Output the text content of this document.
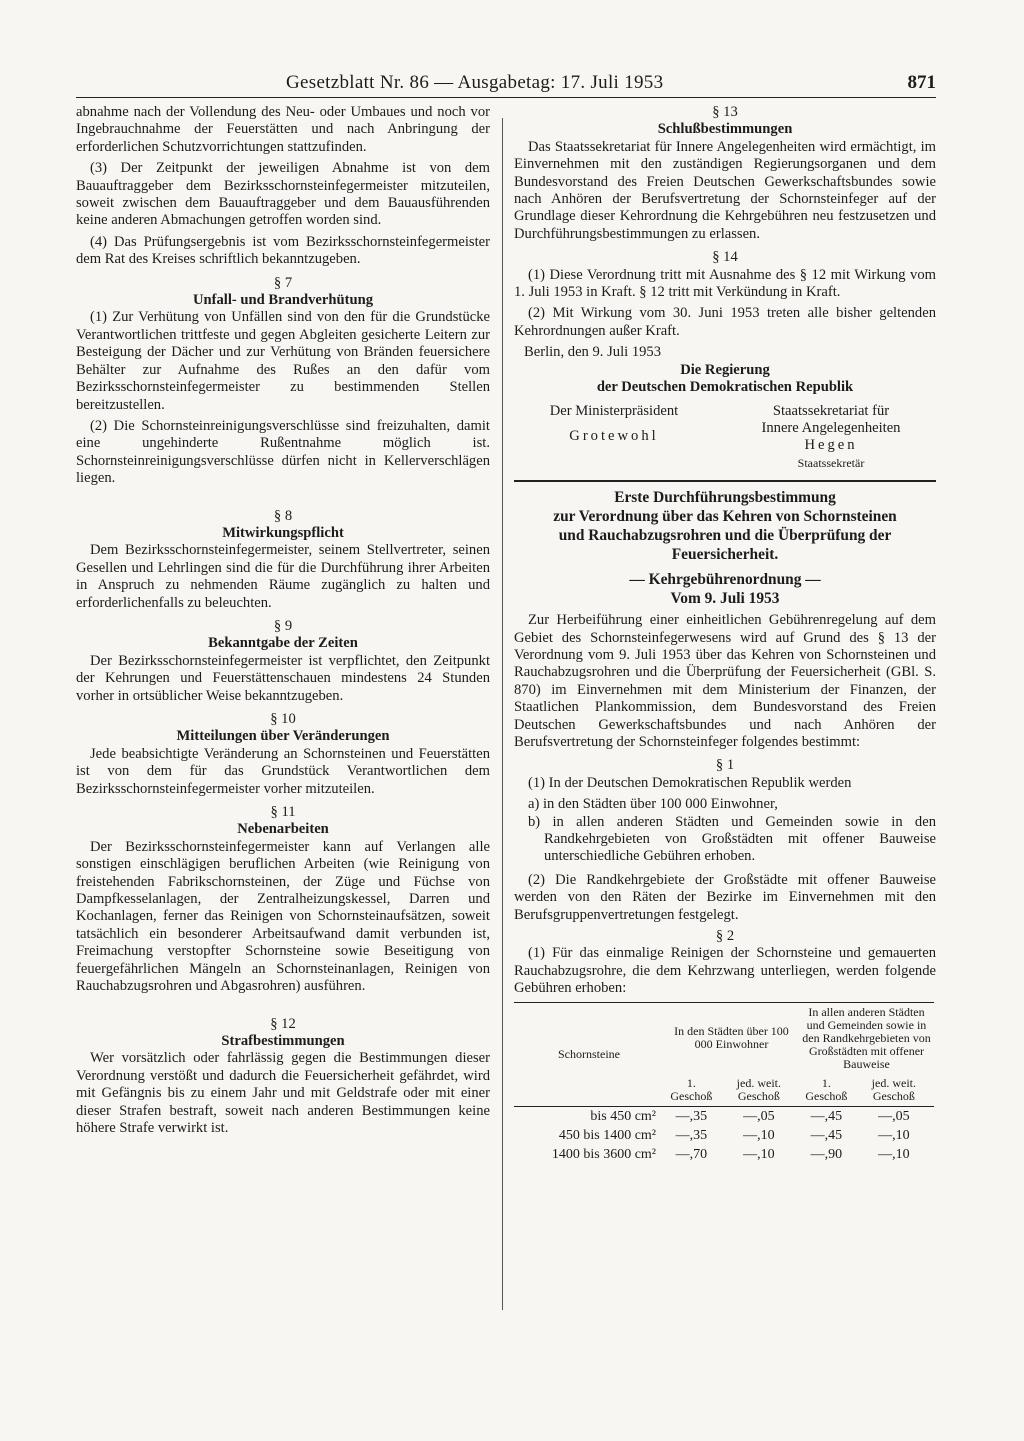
Gesetzblatt Nr. 86 — Ausgabetag: 17. Juli 1953	871

abnahme nach der Vollendung des Neu- oder Umbaues und noch vor Ingebrauchnahme der Feuerstätten und nach Anbringung der erforderlichen Schutzvorrichtungen stattzufinden.

(3) Der Zeitpunkt der jeweiligen Abnahme ist von dem Bauauftraggeber dem Bezirksschornsteinfegermeister mitzuteilen, soweit zwischen dem Bauauftraggeber und dem Bauausführenden keine anderen Abmachungen getroffen worden sind.

(4) Das Prüfungsergebnis ist vom Bezirksschornsteinfegermeister dem Rat des Kreises schriftlich bekanntzugeben.

§ 7
Unfall- und Brandverhütung

(1) Zur Verhütung von Unfällen sind von den für die Grundstücke Verantwortlichen trittfeste und gegen Abgleiten gesicherte Leitern zur Besteigung der Dächer und zur Verhütung von Bränden feuersichere Behälter zur Aufnahme des Rußes an den dafür vom Bezirksschornsteinfegermeister zu bestimmenden Stellen bereitzustellen.

(2) Die Schornsteinreinigungsverschlüsse sind freizuhalten, damit eine ungehinderte Rußentnahme möglich ist. Schornsteinreinigungsverschlüsse dürfen nicht in Kellerverschlägen liegen.

§ 8
Mitwirkungspflicht

Dem Bezirksschornsteinfegermeister, seinem Stellvertreter, seinen Gesellen und Lehrlingen sind die für die Durchführung ihrer Arbeiten in Anspruch zu nehmenden Räume zugänglich zu halten und erforderlichenfalls zu beleuchten.

§ 9
Bekanntgabe der Zeiten

Der Bezirksschornsteinfegermeister ist verpflichtet, den Zeitpunkt der Kehrungen und Feuerstättenschauen mindestens 24 Stunden vorher in ortsüblicher Weise bekanntzugeben.

§ 10
Mitteilungen über Veränderungen

Jede beabsichtigte Veränderung an Schornsteinen und Feuerstätten ist von dem für das Grundstück Verantwortlichen dem Bezirksschornsteinfegermeister vorher mitzuteilen.

§ 11
Nebenarbeiten

Der Bezirksschornsteinfegermeister kann auf Verlangen alle sonstigen einschlägigen beruflichen Arbeiten (wie Reinigung von freistehenden Fabrikschornsteinen, der Züge und Füchse von Dampfkesselanlagen, der Zentralheizungskessel, Darren und Kochanlagen, ferner das Reinigen von Schornsteinaufsätzen, soweit tatsächlich ein besonderer Arbeitsaufwand damit verbunden ist, Freimachung verstopfter Schornsteine sowie Beseitigung von feuergefährlichen Mängeln an Schornsteinanlagen, Reinigen von Rauchabzugsrohren und Abgasrohren) ausführen.

§ 12
Strafbestimmungen

Wer vorsätzlich oder fahrlässig gegen die Bestimmungen dieser Verordnung verstößt und dadurch die Feuersicherheit gefährdet, wird mit Gefängnis bis zu einem Jahr und mit Geldstrafe oder mit einer dieser Strafen bestraft, soweit nach anderen Bestimmungen keine höhere Strafe verwirkt ist.

§ 13
Schlußbestimmungen

Das Staatssekretariat für Innere Angelegenheiten wird ermächtigt, im Einvernehmen mit den zuständigen Regierungsorganen und dem Bundesvorstand des Freien Deutschen Gewerkschaftsbundes sowie nach Anhören der Berufsvertretung der Schornsteinfeger auf der Grundlage dieser Kehrordnung die Kehrgebühren neu festzusetzen und Durchführungsbestimmungen zu erlassen.

§ 14

(1) Diese Verordnung tritt mit Ausnahme des § 12 mit Wirkung vom 1. Juli 1953 in Kraft. § 12 tritt mit Verkündung in Kraft.

(2) Mit Wirkung vom 30. Juni 1953 treten alle bisher geltenden Kehrordnungen außer Kraft.

Berlin, den 9. Juli 1953
Die Regierung
der Deutschen Demokratischen Republik
Der Ministerpräsident
Grotewohl
Staatssekretariat für
Innere Angelegenheiten
Hegen
Staatssekretär
Erste Durchführungsbestimmung
zur Verordnung über das Kehren von Schornsteinen
und Rauchabzugsrohren und die Überprüfung der
Feuersicherheit.
— Kehrgebührenordnung —
Vom 9. Juli 1953

Zur Herbeiführung einer einheitlichen Gebührenregelung auf dem Gebiet des Schornsteinfegerwesens wird auf Grund des § 13 der Verordnung vom 9. Juli 1953 über das Kehren von Schornsteinen und Rauchabzugsrohren und die Überprüfung der Feuersicherheit (GBl. S. 870) im Einvernehmen mit dem Ministerium der Finanzen, der Staatlichen Plankommission, dem Bundesvorstand des Freien Deutschen Gewerkschaftsbundes und nach Anhören der Berufsvertretung der Schornsteinfeger folgendes bestimmt:

§ 1

(1) In der Deutschen Demokratischen Republik werden

a) in den Städten über 100 000 Einwohner,
b) in allen anderen Städten und Gemeinden sowie in den Randkehrgebieten von Großstädten mit offener Bauweise unterschiedliche Gebühren erhoben.

(2) Die Randkehrgebiete der Großstädte mit offener Bauweise werden von den Räten der Bezirke im Einvernehmen mit den Berufsgruppenvertretungen festgelegt.

§ 2

(1) Für das einmalige Reinigen der Schornsteine und gemauerten Rauchabzugsrohre, die dem Kehrzwang unterliegen, werden folgende Gebühren erhoben:

Schornsteine	In den Städten über 100 000 Einwohner		In allen anderen Städten und Gemeinden sowie in den Randkehrgebieten von Großstädten mit offener Bauweise	
	1. Geschoß	jed. weit. Geschoß	1. Geschoß	jed. weit. Geschoß
bis 450 cm²	—,35	—,05	—,45	—,05
450 bis 1400 cm²	—,35	—,10	—,45	—,10
1400 bis 3600 cm²	—,70	—,10	—,90	—,10
